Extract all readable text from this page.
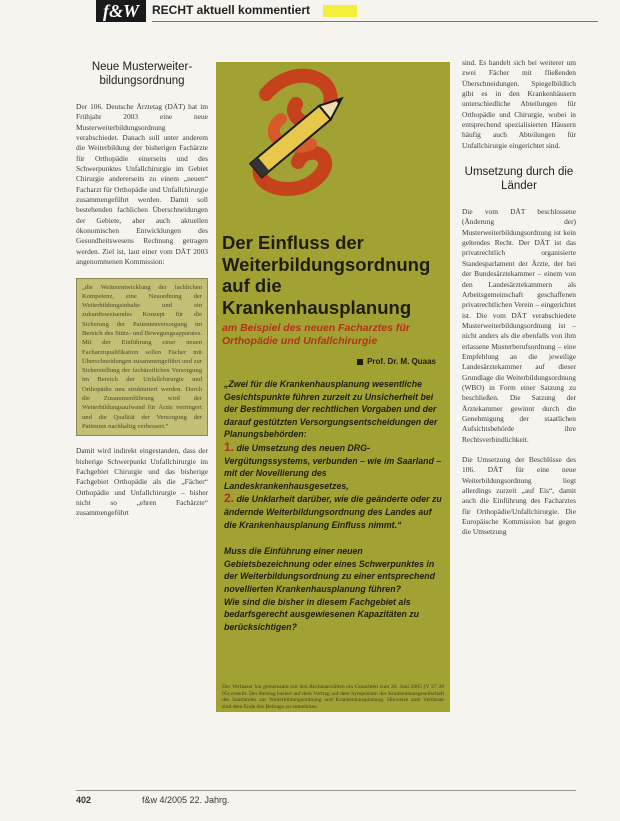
f&W	RECHT aktuell kommentiert
Neue Musterweiter-bildungsordnung

Der 106. Deutsche Ärztetag (DÄT) hat im Frühjahr 2003 eine neue Musterweiterbildungsordnung verabschiedet. Danach soll unter anderem die Weiterbildung der bisherigen Fachärzte für Orthopädie einerseits und des Schwerpunktes Unfallchirurgie im Gebiet Chirurgie andererseits zu einem „neuen“ Facharzt für Orthopädie und Unfallchirurgie zusammengeführt werden. Damit soll bestehenden fachlichen Überschneidungen der Gebiete, aber auch aktuellen ökonomischen Entwicklungen des Gesundheitswesens Rechnung getragen werden. Ziel ist, laut einer vom DÄT 2003 angenommenen Kommission:

„die Weiterentwicklung der fachlichen Kompetenz, eine Neuordnung der Weiterbildungsinhalte und ein zukunftsweisendes Konzept für die Sicherung der Patientenversorgung im Bereich des Stütz- und Bewegungsapparates. Mit der Einführung einer neuen Facharztqualifikation sollen Fächer mit Überschneidungen zusammengeführt und zur Sicherstellung der fachärztlichen Versorgung im Bereich der Unfallchirurgie und Orthopädie neu strukturiert werden. Durch die Zusammenführung wird der Weiterbildungsaufwand für Ärzte verringert und die Qualität der Versorgung der Patienten nachhaltig verbessert.“

Damit wird indirekt eingestanden, dass der bisherige Schwerpunkt Unfallchirurgie im Fachgebiet Chirurgie und das bisherige Fachgebiet Orthopädie als die „Fächer“ Orthopädie und Unfallchirurgie – bisher nicht so „ehren Fachärzte“ zusammengeführt

Der Einfluss der Weiterbildungsordnung auf die Krankenhausplanung
am Beispiel des neuen Facharztes für Orthopädie und Unfallchirurgie
Prof. Dr. M. Quaas
„Zwei für die Krankenhausplanung wesentliche Gesichtspunkte führen zurzeit zu Unsicherheit bei der Bestimmung der rechtlichen Vorgaben und der darauf gestützten Versorgungsentscheidungen der Planungsbehörden:
1. die Umsetzung des neuen DRG-Vergütungssystems, verbunden – wie im Saarland – mit der Novellierung des Landeskrankenhausgesetzes,
2. die Unklarheit darüber, wie die geänderte oder zu ändernde Weiterbildungsordnung des Landes auf die Krankenhausplanung Einfluss nimmt.“
Muss die Einführung einer neuen Gebietsbezeichnung oder eines Schwerpunktes in der Weiterbildungsordnung zu einer entsprechend novellierten Krankenhausplanung führen?
Wie sind die bisher in diesem Fachgebiet als bedarfsgerecht ausgewiesenen Kapazitäten zu berücksichtigen?
Der Verfasser hat gemeinsam mit den Rechtsanwälten ein Gutachten zum 20. Juni 2005 (V 27 28 05) erstellt. Der Beitrag basiert auf dem Vortrag auf dem Symposium der Krankenhausgesellschaft des Saarlandes zur Weiterbildungsordnung und Krankenhausplanung. Hinweise zum Verfasser sind dem Ende des Beitrags zu entnehmen.

sind. Es handelt sich bei weiterer um zwei Fächer mit fließenden Überschneidungen. Spiegelbildlich gibt es in den Krankenhäusern unterschiedliche Abteilungen für Orthopädie und Chirurgie, wobei in entsprechend spezialisierten Häusern häufig auch Abteilungen für Unfallchirurgie eingerichtet sind.

Umsetzung durch die Länder

Die vom DÄT beschlossene (Änderung der) Musterweiterbildungsordnung ist kein geltendes Recht. Der DÄT ist das privatrechtlich organisierte Standesparlament der Ärzte, der bei der Bundesärztekammer – einem von den Landesärztekammern als Arbeitsgemeinschaft geschaffenen privatrechtlichen Verein – eingerichtet ist. Die vom DÄT verabschiedete Musterweiterbildungsordnung ist – nicht anders als die ebenfalls von ihm erlassene Musterberufsordnung – eine Empfehlung an die jeweilige Landesärztekammer auf dieser Grundlage die Weiterbildungsordnung (WBO) in Form einer Satzung zu beschließen. Die Satzung der Ärztekammer gewinnt durch die Genehmigung der staatlichen Aufsichtsbehörde ihre Rechtsverbindlichkeit.

Die Umsetzung der Beschlüsse des 106. DÄT für eine neue Weiterbildungsordnung liegt allerdings zurzeit „auf Eis“, damit auch die Einführung des Facharztes für Orthopädie/Unfallchirurgie. Die Europäische Kommission hat gegen die Umsetzung

402	f&w 4/2005 22. Jahrg.
